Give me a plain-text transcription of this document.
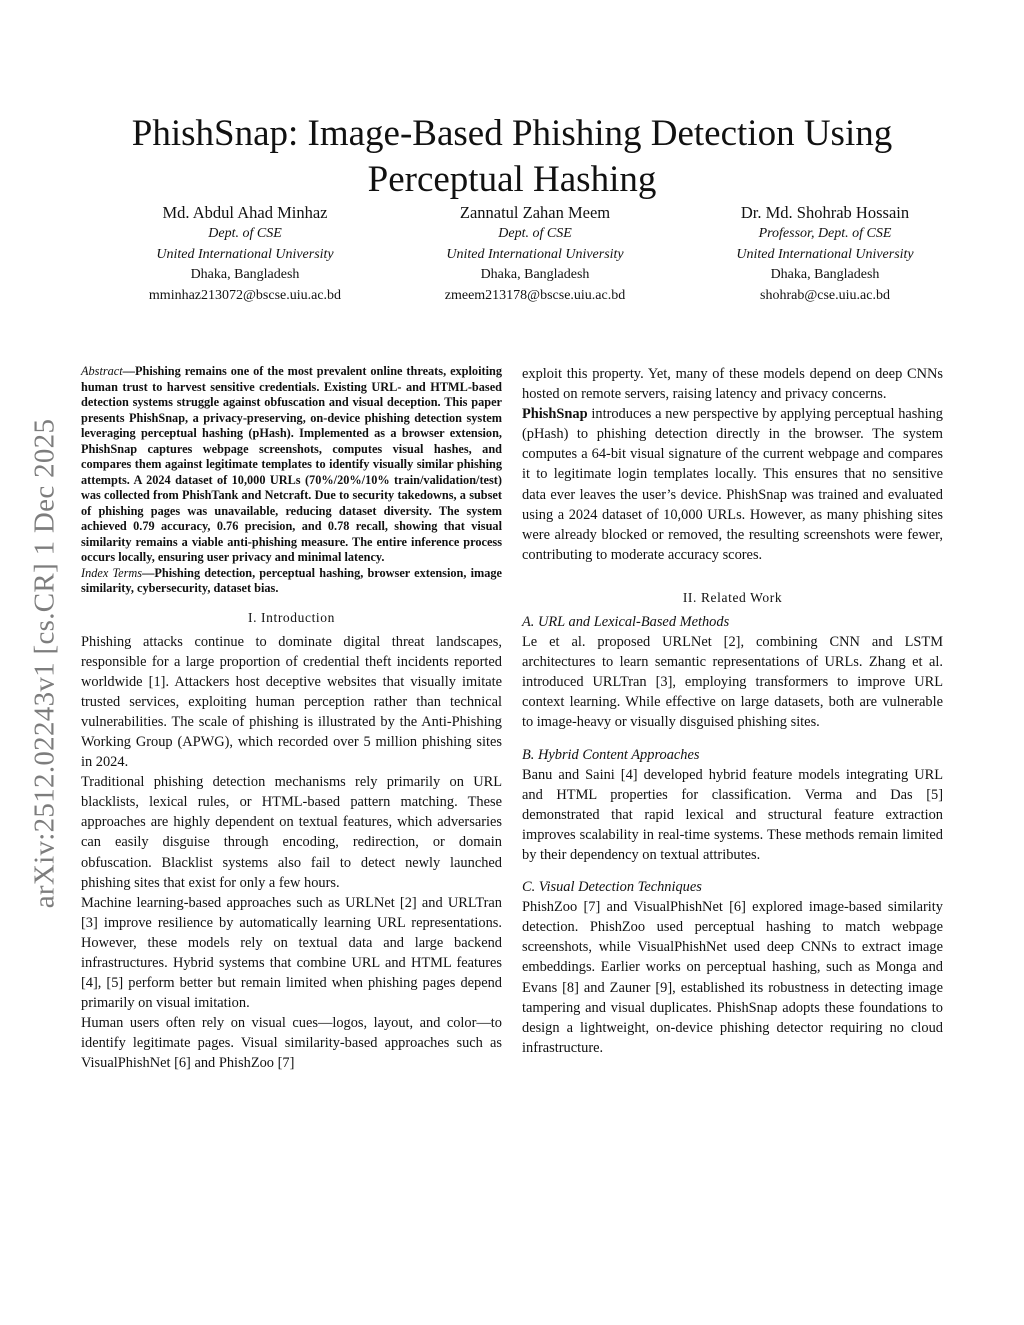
arXiv:2512.02243v1 [cs.CR] 1 Dec 2025
PhishSnap: Image-Based Phishing Detection Using Perceptual Hashing
Md. Abdul Ahad Minhaz
Dept. of CSE
United International University
Dhaka, Bangladesh
mminhaz213072@bscse.uiu.ac.bd
Zannatul Zahan Meem
Dept. of CSE
United International University
Dhaka, Bangladesh
zmeem213178@bscse.uiu.ac.bd
Dr. Md. Shohrab Hossain
Professor, Dept. of CSE
United International University
Dhaka, Bangladesh
shohrab@cse.uiu.ac.bd

Abstract—Phishing remains one of the most prevalent online threats, exploiting human trust to harvest sensitive credentials. Existing URL- and HTML-based detection systems struggle against obfuscation and visual deception. This paper presents PhishSnap, a privacy-preserving, on-device phishing detection system leveraging perceptual hashing (pHash). Implemented as a browser extension, PhishSnap captures webpage screenshots, computes visual hashes, and compares them against legitimate templates to identify visually similar phishing attempts. A 2024 dataset of 10,000 URLs (70%/20%/10% train/validation/test) was collected from PhishTank and Netcraft. Due to security takedowns, a subset of phishing pages was unavailable, reducing dataset diversity. The system achieved 0.79 accuracy, 0.76 precision, and 0.78 recall, showing that visual similarity remains a viable anti-phishing measure. The entire inference process occurs locally, ensuring user privacy and minimal latency.

Index Terms—Phishing detection, perceptual hashing, browser extension, image similarity, cybersecurity, dataset bias.

I. Introduction

Phishing attacks continue to dominate digital threat landscapes, responsible for a large proportion of credential theft incidents reported worldwide [1]. Attackers host deceptive websites that visually imitate trusted services, exploiting human perception rather than technical vulnerabilities. The scale of phishing is illustrated by the Anti-Phishing Working Group (APWG), which recorded over 5 million phishing sites in 2024.

Traditional phishing detection mechanisms rely primarily on URL blacklists, lexical rules, or HTML-based pattern matching. These approaches are highly dependent on textual features, which adversaries can easily disguise through encoding, redirection, or domain obfuscation. Blacklist systems also fail to detect newly launched phishing sites that exist for only a few hours.

Machine learning-based approaches such as URLNet [2] and URLTran [3] improve resilience by automatically learning URL representations. However, these models rely on textual data and large backend infrastructures. Hybrid systems that combine URL and HTML features [4], [5] perform better but remain limited when phishing pages depend primarily on visual imitation.

Human users often rely on visual cues—logos, layout, and color—to identify legitimate pages. Visual similarity-based approaches such as VisualPhishNet [6] and PhishZoo [7]

exploit this property. Yet, many of these models depend on deep CNNs hosted on remote servers, raising latency and privacy concerns.

PhishSnap introduces a new perspective by applying perceptual hashing (pHash) to phishing detection directly in the browser. The system computes a 64-bit visual signature of the current webpage and compares it to legitimate login templates locally. This ensures that no sensitive data ever leaves the user’s device. PhishSnap was trained and evaluated using a 2024 dataset of 10,000 URLs. However, as many phishing sites were already blocked or removed, the resulting screenshots were fewer, contributing to moderate accuracy scores.

II. Related Work

A. URL and Lexical-Based Methods

Le et al. proposed URLNet [2], combining CNN and LSTM architectures to learn semantic representations of URLs. Zhang et al. introduced URLTran [3], employing transformers to improve URL context learning. While effective on large datasets, both are vulnerable to image-heavy or visually disguised phishing sites.

B. Hybrid Content Approaches

Banu and Saini [4] developed hybrid feature models integrating URL and HTML properties for classification. Verma and Das [5] demonstrated that rapid lexical and structural feature extraction improves scalability in real-time systems. These methods remain limited by their dependency on textual attributes.

C. Visual Detection Techniques

PhishZoo [7] and VisualPhishNet [6] explored image-based similarity detection. PhishZoo used perceptual hashing to match webpage screenshots, while VisualPhishNet used deep CNNs to extract image embeddings. Earlier works on perceptual hashing, such as Monga and Evans [8] and Zauner [9], established its robustness in detecting image tampering and visual duplicates. PhishSnap adopts these foundations to design a lightweight, on-device phishing detector requiring no cloud infrastructure.
